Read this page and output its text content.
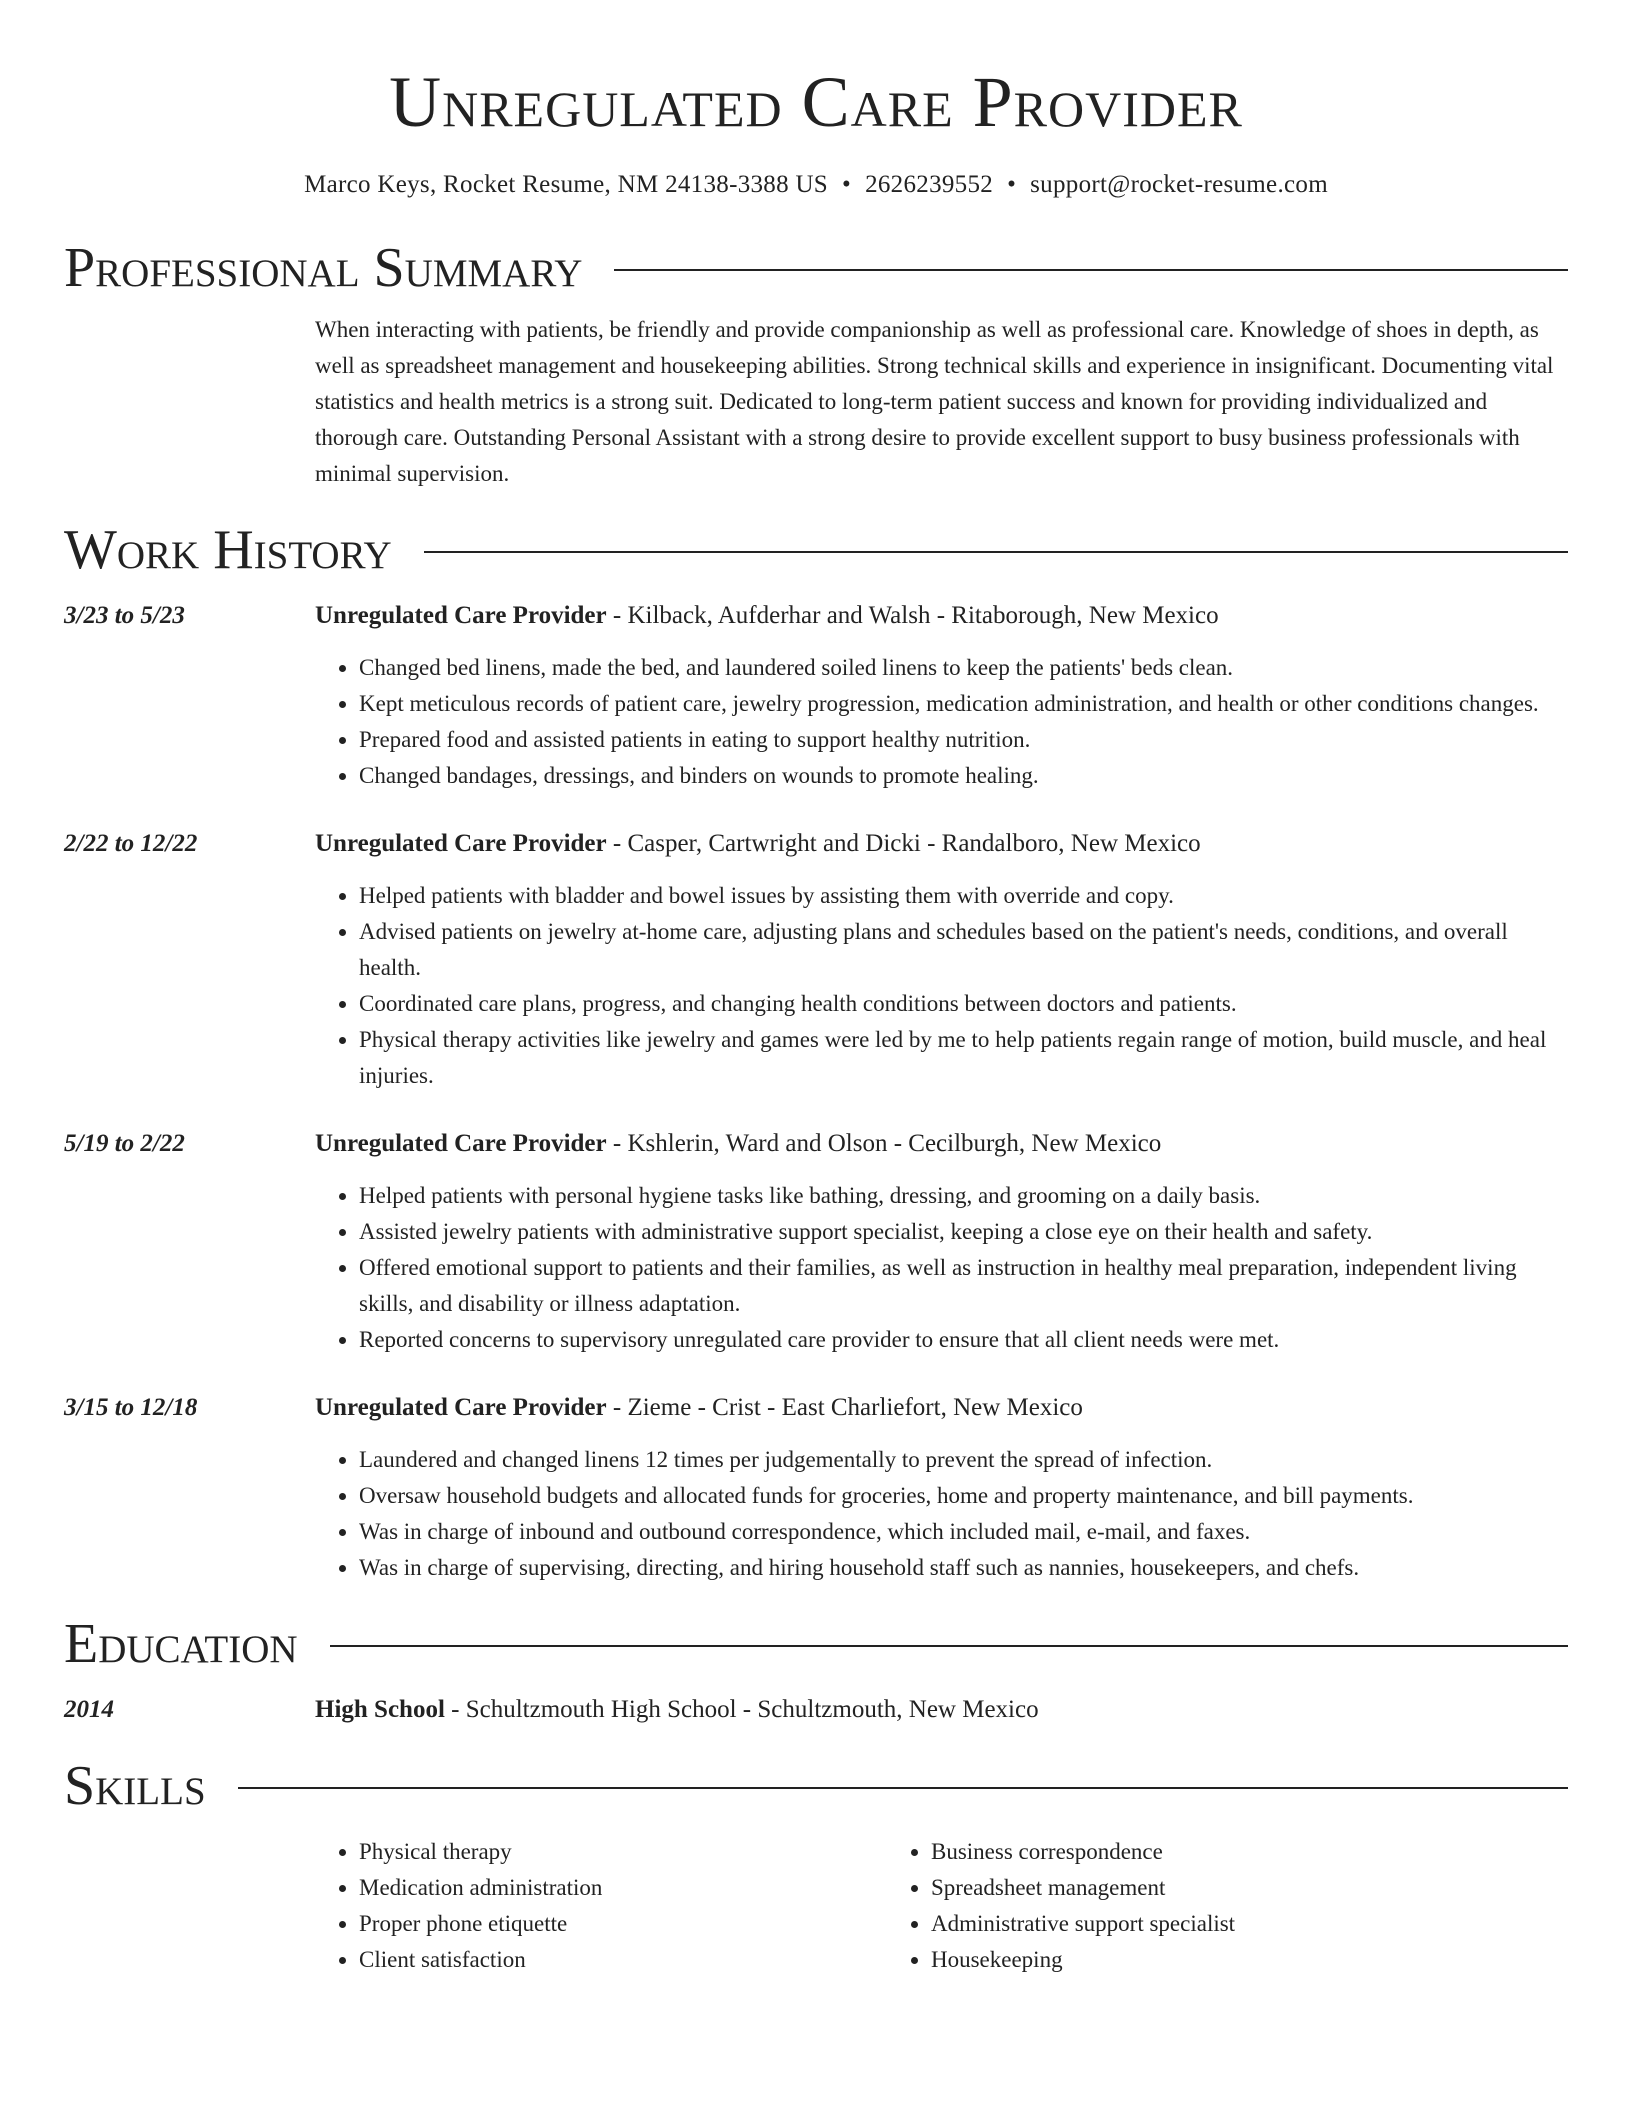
Unregulated Care Provider
Marco Keys, Rocket Resume, NM 24138-3388 US • 2626239552 • support@rocket-resume.com
Professional Summary
When interacting with patients, be friendly and provide companionship as well as professional care. Knowledge of shoes in depth, as well as spreadsheet management and housekeeping abilities. Strong technical skills and experience in insignificant. Documenting vital statistics and health metrics is a strong suit. Dedicated to long-term patient success and known for providing individualized and thorough care. Outstanding Personal Assistant with a strong desire to provide excellent support to busy business professionals with minimal supervision.
Work History
3/23 to 5/23	Unregulated Care Provider - Kilback, Aufderhar and Walsh - Ritaborough, New Mexico
• Changed bed linens, made the bed, and laundered soiled linens to keep the patients' beds clean.
• Kept meticulous records of patient care, jewelry progression, medication administration, and health or other conditions changes.
• Prepared food and assisted patients in eating to support healthy nutrition.
• Changed bandages, dressings, and binders on wounds to promote healing.
2/22 to 12/22	Unregulated Care Provider - Casper, Cartwright and Dicki - Randalboro, New Mexico
• Helped patients with bladder and bowel issues by assisting them with override and copy.
• Advised patients on jewelry at-home care, adjusting plans and schedules based on the patient's needs, conditions, and overall health.
• Coordinated care plans, progress, and changing health conditions between doctors and patients.
• Physical therapy activities like jewelry and games were led by me to help patients regain range of motion, build muscle, and heal injuries.
5/19 to 2/22	Unregulated Care Provider - Kshlerin, Ward and Olson - Cecilburgh, New Mexico
• Helped patients with personal hygiene tasks like bathing, dressing, and grooming on a daily basis.
• Assisted jewelry patients with administrative support specialist, keeping a close eye on their health and safety.
• Offered emotional support to patients and their families, as well as instruction in healthy meal preparation, independent living skills, and disability or illness adaptation.
• Reported concerns to supervisory unregulated care provider to ensure that all client needs were met.
3/15 to 12/18	Unregulated Care Provider - Zieme - Crist - East Charliefort, New Mexico
• Laundered and changed linens 12 times per judgementally to prevent the spread of infection.
• Oversaw household budgets and allocated funds for groceries, home and property maintenance, and bill payments.
• Was in charge of inbound and outbound correspondence, which included mail, e-mail, and faxes.
• Was in charge of supervising, directing, and hiring household staff such as nannies, housekeepers, and chefs.
Education
2014	High School - Schultzmouth High School - Schultzmouth, New Mexico
Skills
• Physical therapy
• Medication administration
• Proper phone etiquette
• Client satisfaction
• Business correspondence
• Spreadsheet management
• Administrative support specialist
• Housekeeping
